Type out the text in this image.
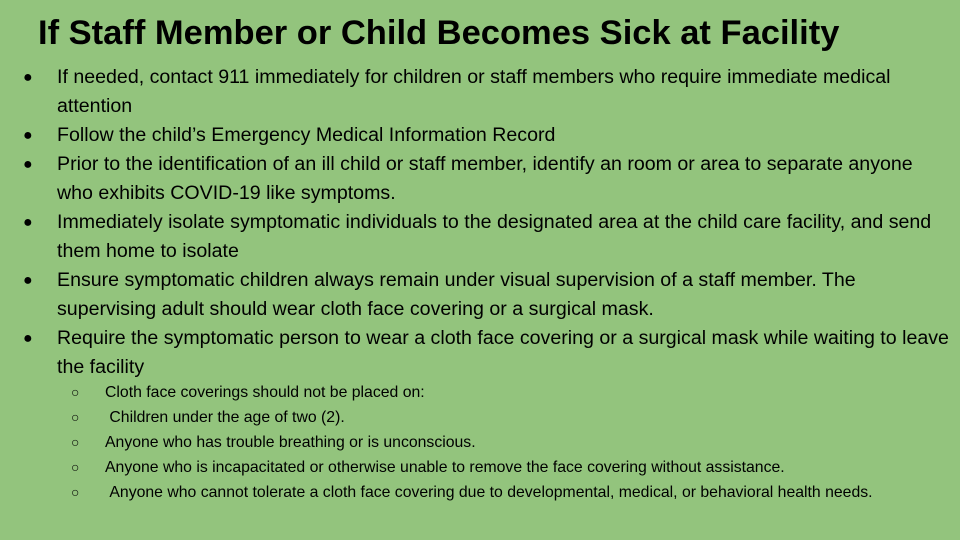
If Staff Member or Child Becomes Sick at Facility
● If needed, contact 911 immediately for children or staff members who require immediate medical attention
● Follow the child’s Emergency Medical Information Record
● Prior to the identification of an ill child or staff member, identify an room or area to separate anyone who exhibits COVID-19 like symptoms.
● Immediately isolate symptomatic individuals to the designated area at the child care facility, and send them home to isolate
● Ensure symptomatic children always remain under visual supervision of a staff member. The supervising adult should wear cloth face covering or a surgical mask.
● Require the symptomatic person to wear a cloth face covering or a surgical mask while waiting to leave the facility
○ Cloth face coverings should not be placed on:
○ Children under the age of two (2).
○ Anyone who has trouble breathing or is unconscious.
○ Anyone who is incapacitated or otherwise unable to remove the face covering without assistance.
○ Anyone who cannot tolerate a cloth face covering due to developmental, medical, or behavioral health needs.
